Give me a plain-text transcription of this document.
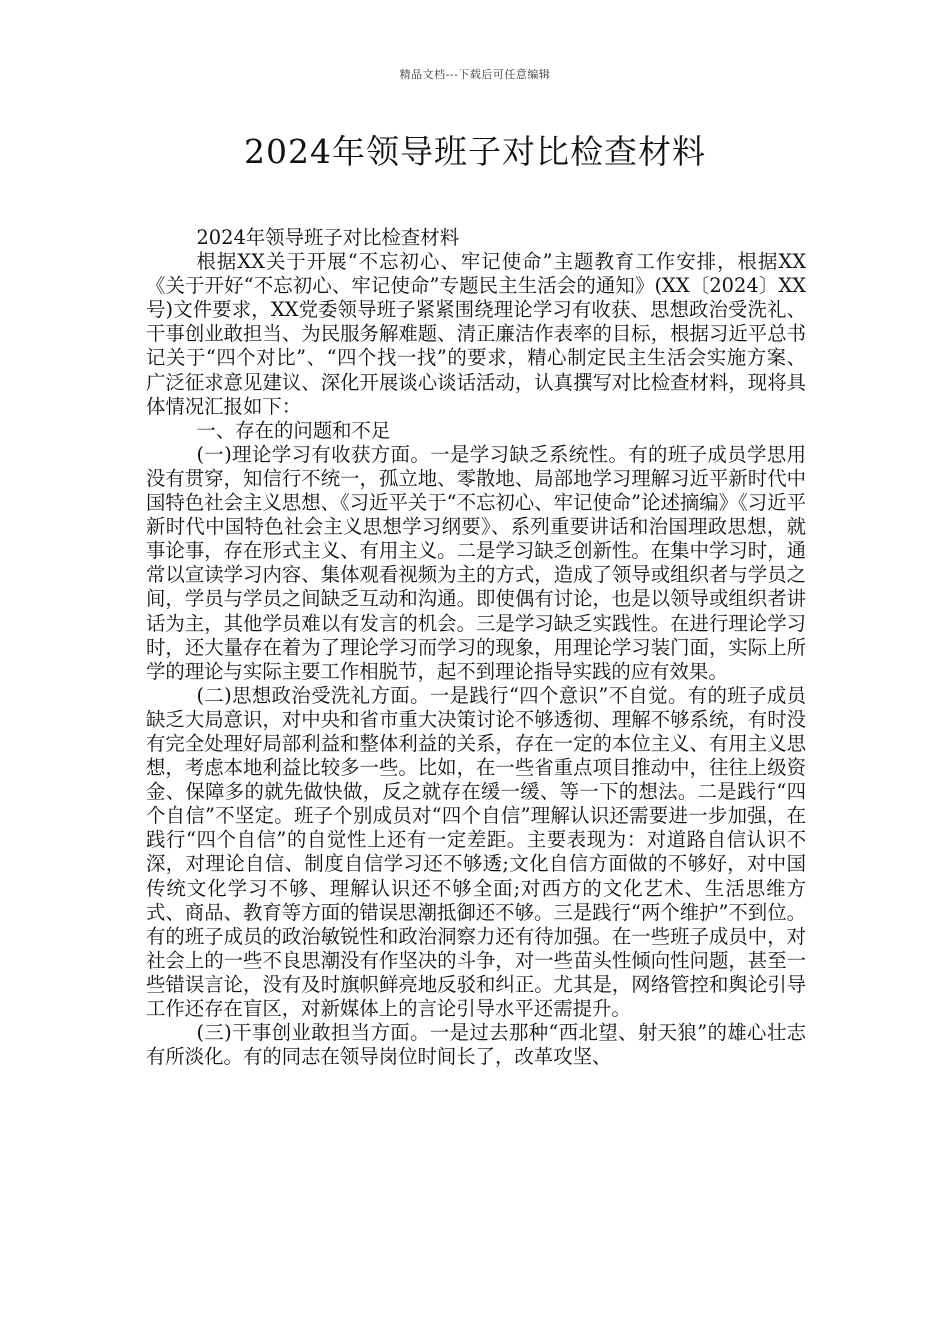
精品文档---下载后可任意编辑
2024年领导班子对比检查材料

2024年领导班子对比检查材料

根据XX关于开展“不忘初心、牢记使命”主题教育工作安排，根据XX《关于开好“不忘初心、牢记使命”专题民主生活会的通知》(XX〔2024〕XX号)文件要求，XX党委领导班子紧紧围绕理论学习有收获、思想政治受洗礼、干事创业敢担当、为民服务解难题、清正廉洁作表率的目标，根据习近平总书记关于“四个对比”、“四个找一找”的要求，精心制定民主生活会实施方案、广泛征求意见建议、深化开展谈心谈话活动，认真撰写对比检查材料，现将具体情况汇报如下：

一、存在的问题和不足

(一)理论学习有收获方面。一是学习缺乏系统性。有的班子成员学思用没有贯穿，知信行不统一，孤立地、零散地、局部地学习理解习近平新时代中国特色社会主义思想、《习近平关于“不忘初心、牢记使命”论述摘编》《习近平新时代中国特色社会主义思想学习纲要》、系列重要讲话和治国理政思想，就事论事，存在形式主义、有用主义。二是学习缺乏创新性。在集中学习时，通常以宣读学习内容、集体观看视频为主的方式，造成了领导或组织者与学员之间，学员与学员之间缺乏互动和沟通。即使偶有讨论，也是以领导或组织者讲话为主，其他学员难以有发言的机会。三是学习缺乏实践性。在进行理论学习时，还大量存在着为了理论学习而学习的现象，用理论学习装门面，实际上所学的理论与实际主要工作相脱节，起不到理论指导实践的应有效果。

(二)思想政治受洗礼方面。一是践行“四个意识”不自觉。有的班子成员缺乏大局意识，对中央和省市重大决策讨论不够透彻、理解不够系统，有时没有完全处理好局部利益和整体利益的关系，存在一定的本位主义、有用主义思想，考虑本地利益比较多一些。比如，在一些省重点项目推动中，往往上级资金、保障多的就先做快做，反之就存在缓一缓、等一下的想法。二是践行“四个自信”不坚定。班子个别成员对“四个自信”理解认识还需要进一步加强，在践行“四个自信”的自觉性上还有一定差距。主要表现为：对道路自信认识不深，对理论自信、制度自信学习还不够透;文化自信方面做的不够好，对中国传统文化学习不够、理解认识还不够全面;对西方的文化艺术、生活思维方式、商品、教育等方面的错误思潮抵御还不够。三是践行“两个维护”不到位。有的班子成员的政治敏锐性和政治洞察力还有待加强。在一些班子成员中，对社会上的一些不良思潮没有作坚决的斗争，对一些苗头性倾向性问题，甚至一些错误言论，没有及时旗帜鲜亮地反驳和纠正。尤其是，网络管控和舆论引导工作还存在盲区，对新媒体上的言论引导水平还需提升。

(三)干事创业敢担当方面。一是过去那种“西北望、射天狼”的雄心壮志有所淡化。有的同志在领导岗位时间长了，改革攻坚、
